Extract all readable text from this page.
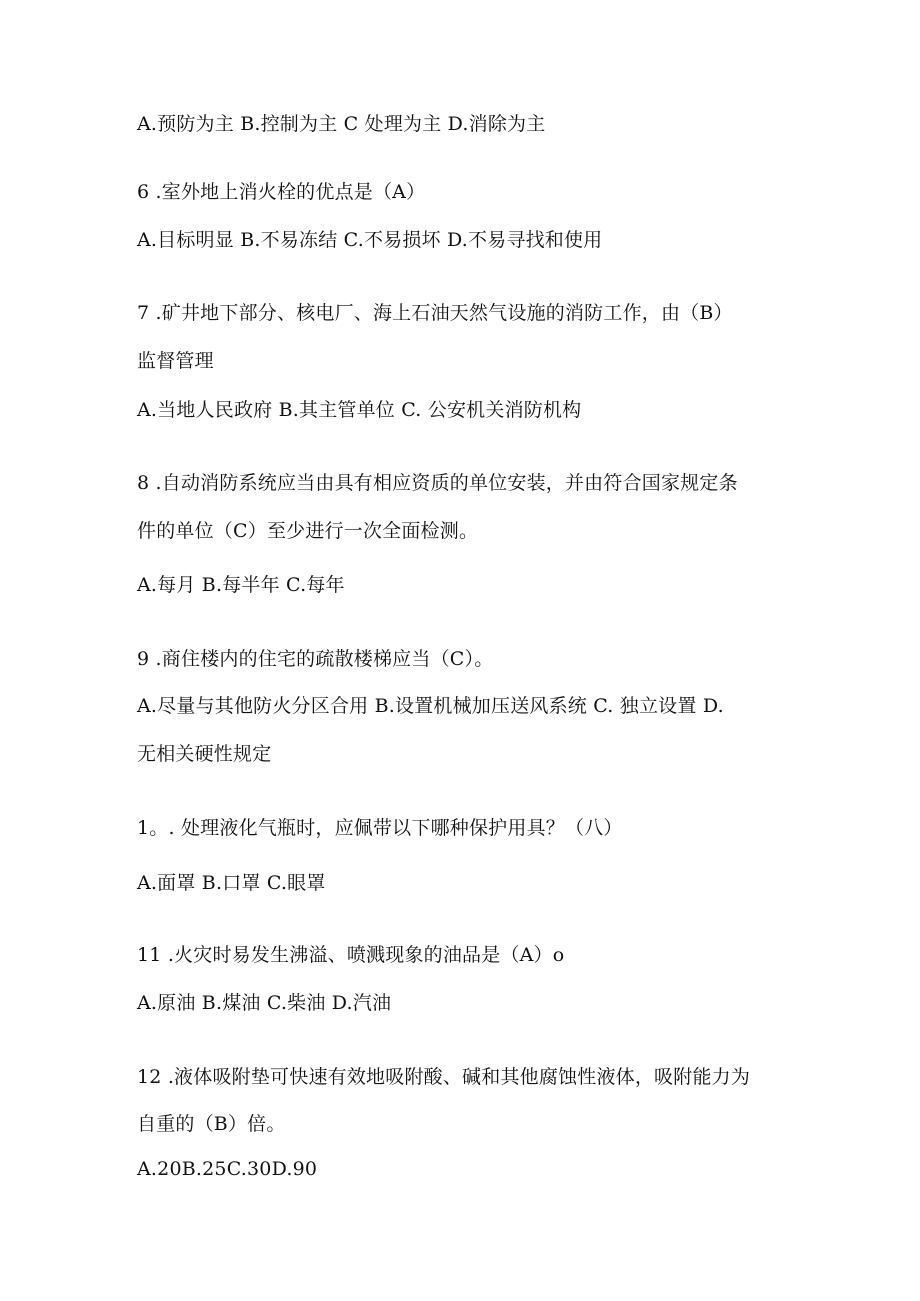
A.预防为主 B.控制为主 C 处理为主 D.消除为主
6 .室外地上消火栓的优点是（A）
A.目标明显 B.不易冻结 C.不易损坏 D.不易寻找和使用
7 .矿井地下部分、核电厂、海上石油天然气设施的消防工作，由（B）
监督管理
A.当地人民政府 B.其主管单位 C. 公安机关消防机构
8 .自动消防系统应当由具有相应资质的单位安装，并由符合国家规定条
件的单位（C）至少进行一次全面检测。
A.每月 B.每半年 C.每年
9 .商住楼内的住宅的疏散楼梯应当（C）。
A.尽量与其他防火分区合用 B.设置机械加压送风系统 C. 独立设置 D.
无相关硬性规定
1。. 处理液化气瓶时，应佩带以下哪种保护用具？（八）
A.面罩 B.口罩 C.眼罩
11 .火灾时易发生沸溢、喷溅现象的油品是（A）o
A.原油 B.煤油 C.柴油 D.汽油
12 .液体吸附垫可快速有效地吸附酸、碱和其他腐蚀性液体，吸附能力为
自重的（B）倍。
A.20B.25C.30D.90
